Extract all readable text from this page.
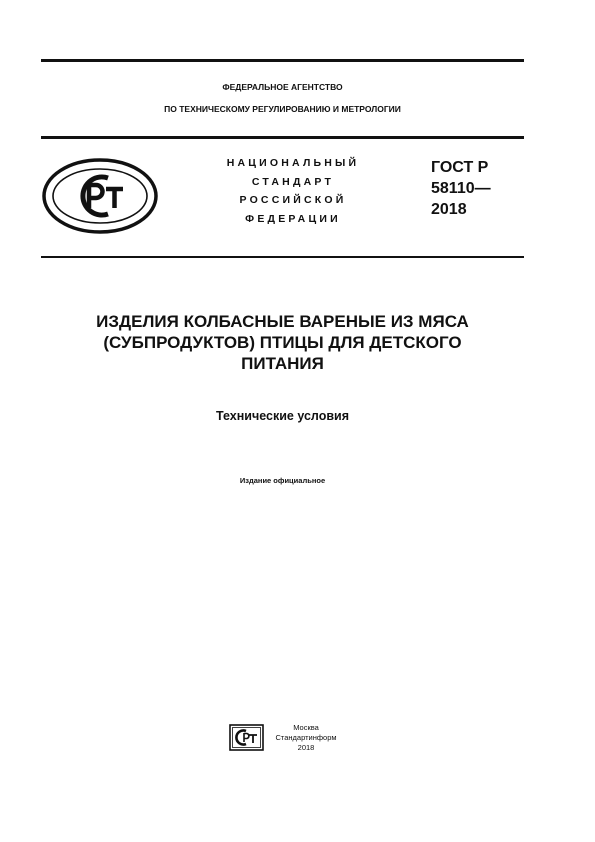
ФЕДЕРАЛЬНОЕ АГЕНТСТВО
ПО ТЕХНИЧЕСКОМУ РЕГУЛИРОВАНИЮ И МЕТРОЛОГИИ
НАЦИОНАЛЬНЫЙ
СТАНДАРТ
РОССИЙСКОЙ
ФЕДЕРАЦИИ
ГОСТ Р
58110—
2018
ИЗДЕЛИЯ КОЛБАСНЫЕ ВАРЕНЫЕ ИЗ МЯСА
(СУБПРОДУКТОВ) ПТИЦЫ ДЛЯ ДЕТСКОГО
ПИТАНИЯ
Технические условия
Издание официальное
Москва
Стандартинформ
2018
